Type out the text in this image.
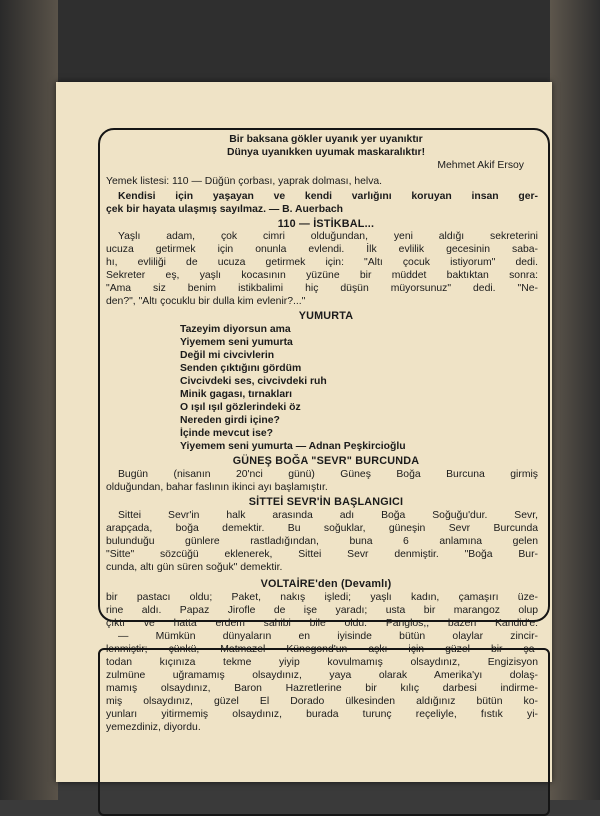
Bir baksana gökler uyanık yer uyanıktır
Dünya uyanıkken uyumak maskaralıktır!
Mehmet Akif Ersoy
Yemek listesi: 110 — Düğün çorbası, yaprak dolması, helva.
Kendisi için yaşayan ve kendi varlığını koruyan insan ger-
çek bir hayata ulaşmış sayılmaz. — B. Auerbach
110 — İSTİKBAL...
Yaşlı adam, çok cimri olduğundan, yeni aldığı sekreterini
ucuza getirmek için onunla evlendi. İlk evlilik gecesinin saba-
hı, evliliği de ucuza getirmek için: "Altı çocuk istiyorum" dedi.
Sekreter eş, yaşlı kocasının yüzüne bir müddet baktıktan sonra:
"Ama siz benim istikbalimi hiç düşün müyorsunuz" dedi. "Ne-
den?", "Altı çocuklu bir dulla kim evlenir?..."
YUMURTA
Tazeyim diyorsun ama
Yiyemem seni yumurta
Değil mi civcivlerin
Senden çıktığını gördüm
Civcivdeki ses, civcivdeki ruh
Minik gagası, tırnakları
O ışıl ışıl gözlerindeki öz
Nereden girdi içine?
İçinde mevcut ise?
Yiyemem seni yumurta — Adnan Peşkircioğlu
GÜNEŞ BOĞA "SEVR" BURCUNDA
Bugün (nisanın 20'nci günü) Güneş Boğa Burcuna girmiş
olduğundan, bahar faslının ikinci ayı başlamıştır.
SİTTEİ SEVR'İN BAŞLANGICI
Sittei Sevr'in halk arasında adı Boğa Soğuğu'dur. Sevr,
arapçada, boğa demektir. Bu soğuklar, güneşin Sevr Burcunda
bulunduğu günlere rastladığından, buna 6 anlamına gelen
"Sitte" sözcüğü eklenerek, Sittei Sevr denmiştir. "Boğa Bur-
cunda, altı gün süren soğuk" demektir.
VOLTAİRE'den (Devamlı)
bir pastacı oldu; Paket, nakış işledi; yaşlı kadın, çamaşırı üze-
rine aldı. Papaz Jirofle de işe yaradı; usta bir marangoz olup
çıktı ve hatta erdem sahibi bile oldu. Panglos,, bazen Kandid'e:
— Mümkün dünyaların en iyisinde bütün olaylar zincir-
lenmiştir; çünkü, Matmazel Künegond'un aşkı için güzel bir şa-
todan kıçınıza tekme yiyip kovulmamış olsaydınız, Engizisyon
zulmüne uğramamış olsaydınız, yaya olarak Amerika'yı dolaş-
mamış olsaydınız, Baron Hazretlerine bir kılıç darbesi indirme-
miş olsaydınız, güzel El Dorado ülkesinden aldığınız bütün ko-
yunları yitirmemiş olsaydınız, burada turunç reçeliyle, fıstık yi-
yemezdiniz, diyordu.
